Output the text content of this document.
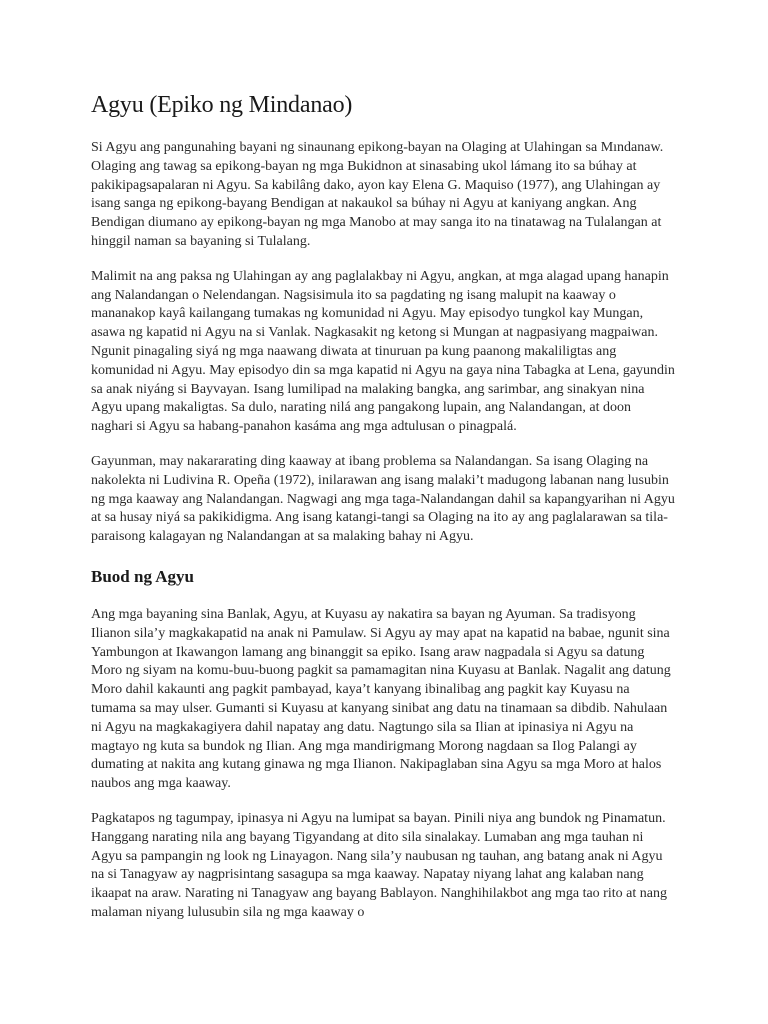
Agyu (Epiko ng Mindanao)

Si Agyu ang pangunahing bayani ng sinaunang epikong-bayan na Olaging at Ulahingan sa Mındanaw. Olaging ang tawag sa epikong-bayan ng mga Bukidnon at sinasabing ukol lámang ito sa búhay at pakikipagsapalaran ni Agyu. Sa kabilâng dako, ayon kay Elena G. Maquiso (1977), ang Ulahingan ay isang sanga ng epikong-bayang Bendigan at nakaukol sa búhay ni Agyu at kaniyang angkan. Ang Bendigan diumano ay epikong-bayan ng mga Manobo at may sanga ito na tinatawag na Tulalangan at hinggil naman sa bayaning si Tulalang.

Malimit na ang paksa ng Ulahingan ay ang paglalakbay ni Agyu, angkan, at mga alagad upang hanapin ang Nalandangan o Nelendangan. Nagsisimula ito sa pagdating ng isang malupit na kaaway o mananakop kayâ kailangang tumakas ng komunidad ni Agyu. May episodyo tungkol kay Mungan, asawa ng kapatid ni Agyu na si Vanlak. Nagkasakit ng ketong si Mungan at nagpasiyang magpaiwan. Ngunit pinagaling siyá ng mga naawang diwata at tinuruan pa kung paanong makaliligtas ang komunidad ni Agyu. May episodyo din sa mga kapatid ni Agyu na gaya nina Tabagka at Lena, gayundin sa anak niyáng si Bayvayan. Isang lumilipad na malaking bangka, ang sarimbar, ang sinakyan nina Agyu upang makaligtas. Sa dulo, narating nilá ang pangakong lupain, ang Nalandangan, at doon naghari si Agyu sa habang-panahon kasáma ang mga adtulusan o pinagpalá.

Gayunman, may nakararating ding kaaway at ibang problema sa Nalandangan. Sa isang Olaging na nakolekta ni Ludivina R. Opeña (1972), inilarawan ang isang malaki’t madugong labanan nang lusubin ng mga kaaway ang Nalandangan. Nagwagi ang mga taga-Nalandangan dahil sa kapangyarihan ni Agyu at sa husay niyá sa pakikidigma. Ang isang katangi-tangi sa Olaging na ito ay ang paglalarawan sa tila-paraisong kalagayan ng Nalandangan at sa malaking bahay ni Agyu.

Buod ng Agyu

Ang mga bayaning sina Banlak, Agyu, at Kuyasu ay nakatira sa bayan ng Ayuman. Sa tradisyong Ilianon sila’y magkakapatid na anak ni Pamulaw. Si Agyu ay may apat na kapatid na babae, ngunit sina Yambungon at Ikawangon lamang ang binanggit sa epiko. Isang araw nagpadala si Agyu sa datung Moro ng siyam na komu-buu-buong pagkit sa pamamagitan nina Kuyasu at Banlak. Nagalit ang datung Moro dahil kakaunti ang pagkit pambayad, kaya’t kanyang ibinalibag ang pagkit kay Kuyasu na tumama sa may ulser. Gumanti si Kuyasu at kanyang sinibat ang datu na tinamaan sa dibdib. Nahulaan ni Agyu na magkakagiyera dahil napatay ang datu. Nagtungo sila sa Ilian at ipinasiya ni Agyu na magtayo ng kuta sa bundok ng Ilian. Ang mga mandirigmang Morong nagdaan sa Ilog Palangi ay dumating at nakita ang kutang ginawa ng mga Ilianon. Nakipaglaban sina Agyu sa mga Moro at halos naubos ang mga kaaway.

Pagkatapos ng tagumpay, ipinasya ni Agyu na lumipat sa bayan. Pinili niya ang bundok ng Pinamatun. Hanggang narating nila ang bayang Tigyandang at dito sila sinalakay. Lumaban ang mga tauhan ni Agyu sa pampangin ng look ng Linayagon. Nang sila’y naubusan ng tauhan, ang batang anak ni Agyu na si Tanagyaw ay nagprisintang sasagupa sa mga kaaway. Napatay niyang lahat ang kalaban nang ikaapat na araw. Narating ni Tanagyaw ang bayang Bablayon. Nanghihilakbot ang mga tao rito at nang malaman niyang lulusubin sila ng mga kaaway o
